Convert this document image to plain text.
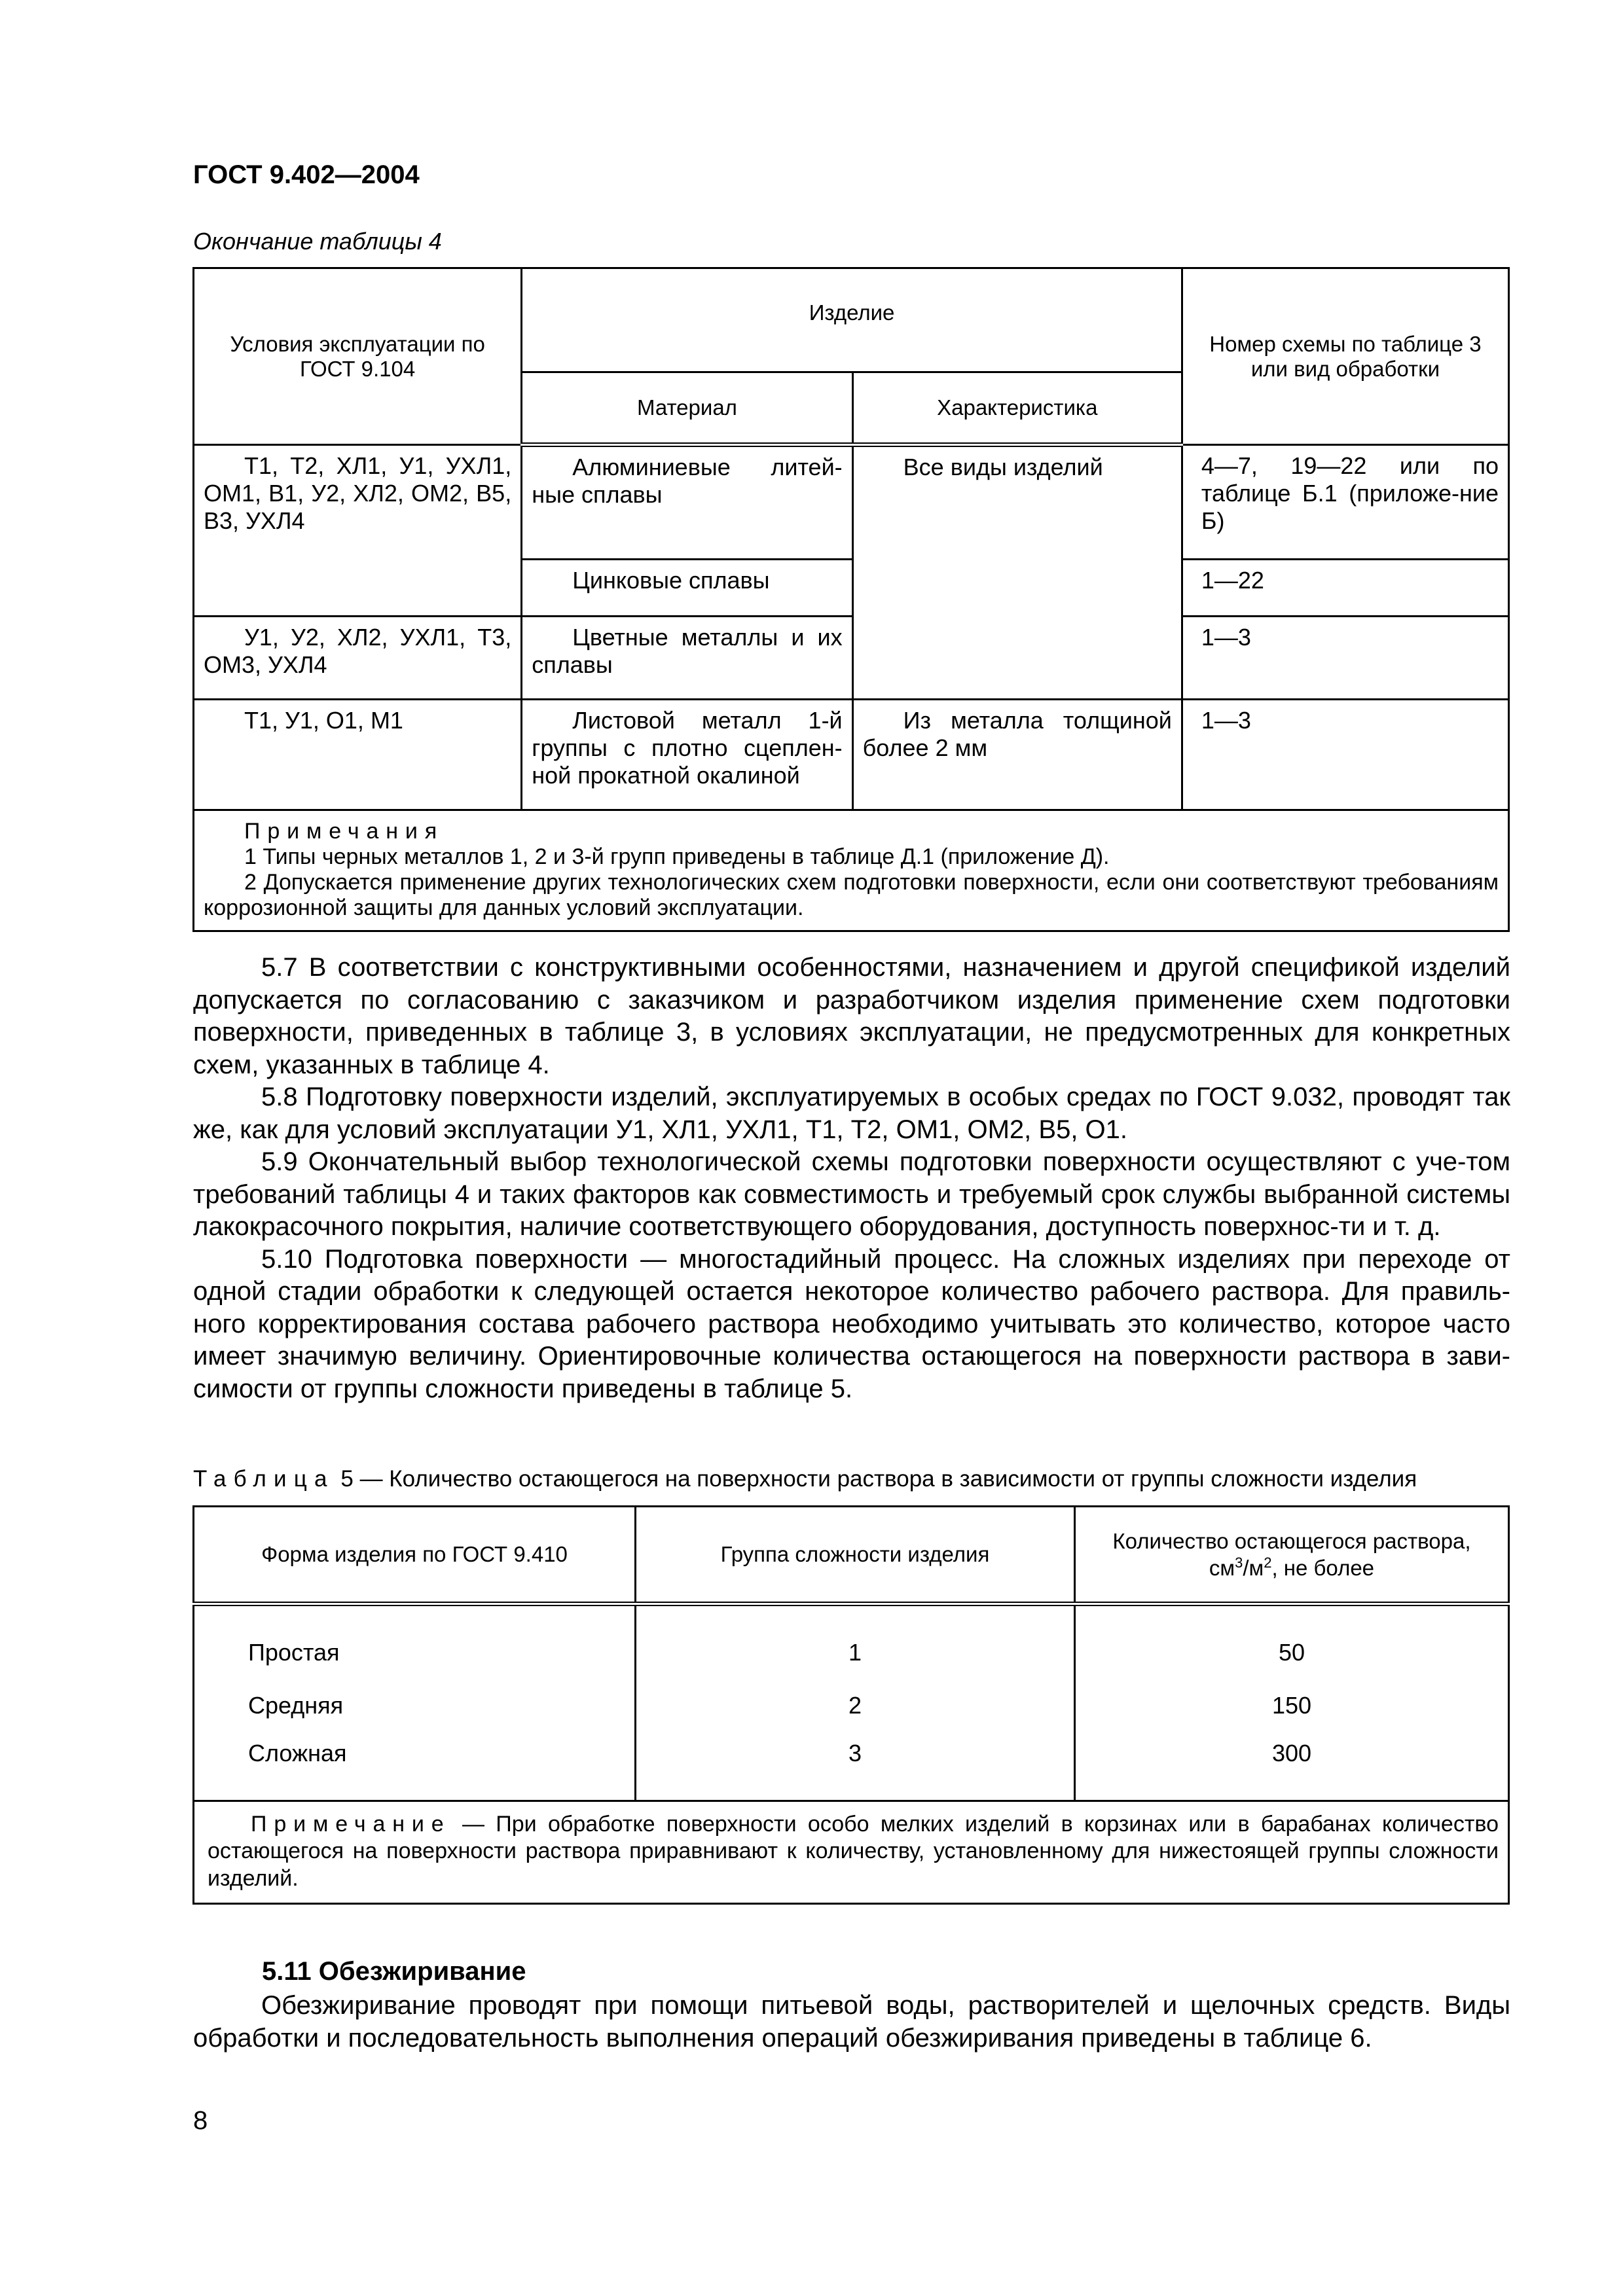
ГОСТ 9.402—2004
Окончание таблицы 4
Условия эксплуатации по ГОСТ 9.104	Изделие		Номер схемы по таблице 3 или вид обработки
	Материал	Характеристика	
Т1, Т2, ХЛ1, У1, УХЛ1, ОМ1, В1, У2, ХЛ2, ОМ2, В5, В3, УХЛ4	Алюминиевые литей-ные сплавы	Все виды изделий	4—7, 19—22 или по таблице Б.1 (приложе-ние Б)
	Цинковые сплавы		1—22
У1, У2, ХЛ2, УХЛ1, Т3, ОМ3, УХЛ4	Цветные металлы и их сплавы		1—3
Т1, У1, О1, М1	Листовой металл 1-й группы с плотно сцеплен-ной прокатной окалиной	Из металла толщиной более 2 мм	1—3

Примечания
1 Типы черных металлов 1, 2 и 3-й групп приведены в таблице Д.1 (приложение Д).
2 Допускается применение других технологических схем подготовки поверхности, если они соответствуют требованиям коррозионной защиты для данных условий эксплуатации.			

5.7 В соответствии с конструктивными особенностями, назначением и другой спецификой изделий допускается по согласованию с заказчиком и разработчиком изделия применение схем подготовки поверхности, приведенных в таблице 3, в условиях эксплуатации, не предусмотренных для конкретных схем, указанных в таблице 4.

5.8 Подготовку поверхности изделий, эксплуатируемых в особых средах по ГОСТ 9.032, проводят так же, как для условий эксплуатации У1, ХЛ1, УХЛ1, Т1, Т2, ОМ1, ОМ2, В5, О1.

5.9 Окончательный выбор технологической схемы подготовки поверхности осуществляют с уче-том требований таблицы 4 и таких факторов как совместимость и требуемый срок службы выбранной системы лакокрасочного покрытия, наличие соответствующего оборудования, доступность поверхнос-ти и т. д.

5.10 Подготовка поверхности — многостадийный процесс. На сложных изделиях при переходе от одной стадии обработки к следующей остается некоторое количество рабочего раствора. Для правиль-ного корректирования состава рабочего раствора необходимо учитывать это количество, которое часто имеет значимую величину. Ориентировочные количества остающегося на поверхности раствора в зави-симости от группы сложности приведены в таблице 5.

Таблица 5 — Количество остающегося на поверхности раствора в зависимости от группы сложности изделия
Форма изделия по ГОСТ 9.410	Группа сложности изделия	Количество остающегося раствора,
$см^3/м^2$, не более
Простая	1	50
Средняя	2	150
Сложная	3	300
Примечание — При обработке поверхности особо мелких изделий в корзинах или в барабанах количество остающегося на поверхности раствора приравнивают к количеству, установленному для нижестоящей группы сложности изделий.		
5.11 Обезжиривание

Обезжиривание проводят при помощи питьевой воды, растворителей и щелочных средств. Виды обработки и последовательность выполнения операций обезжиривания приведены в таблице 6.

8
